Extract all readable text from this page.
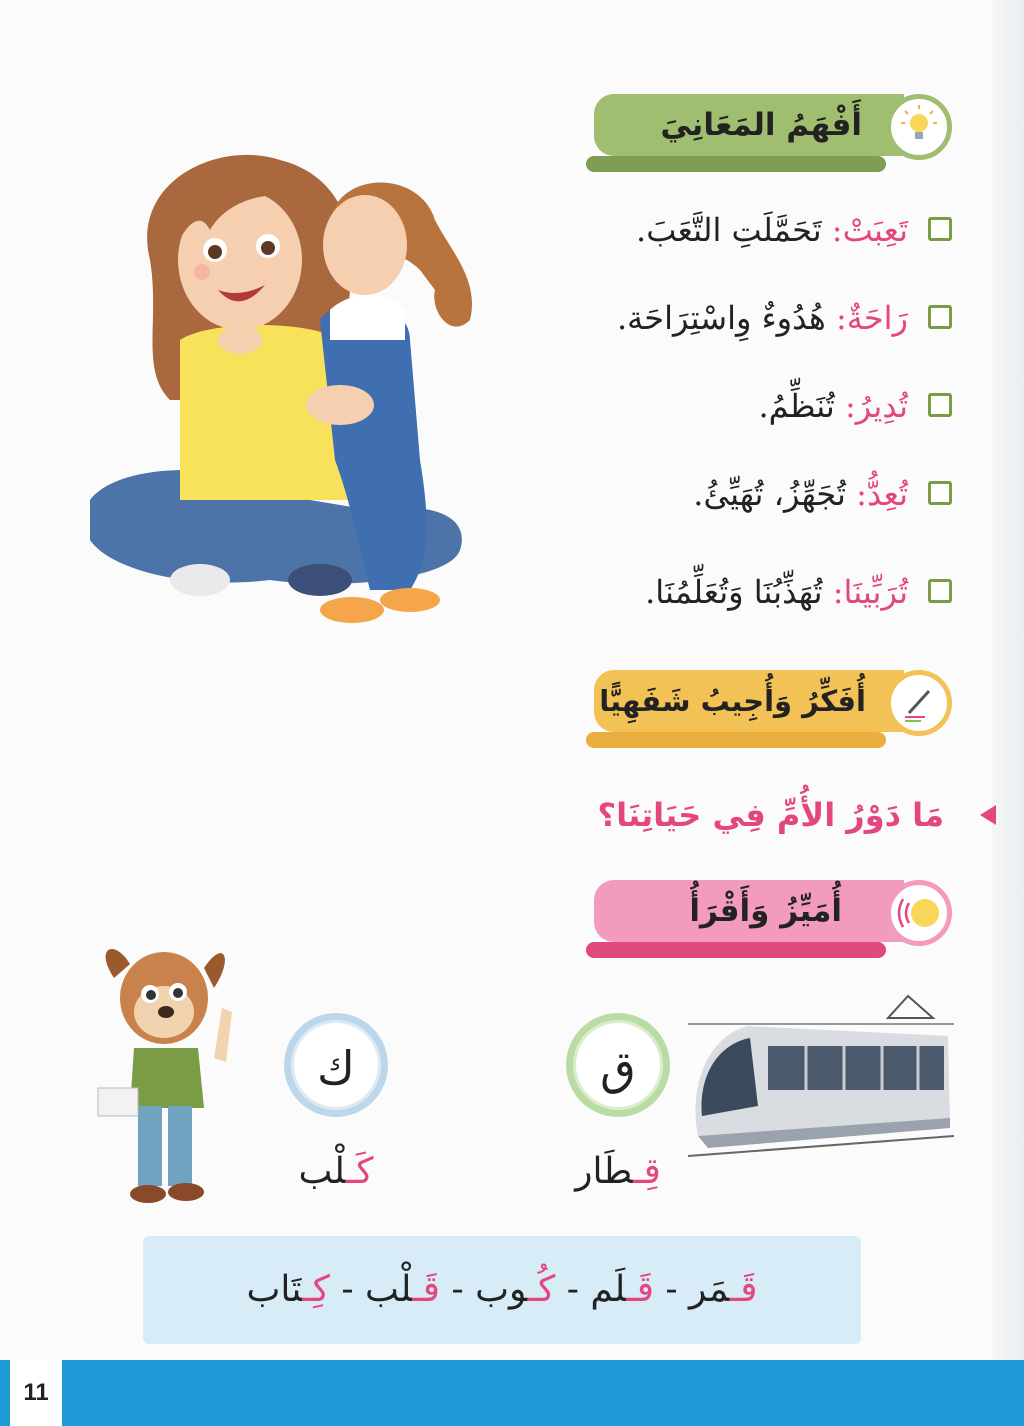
أَفْهَمُ المَعَانِيَ
تَعِبَتْ: تَحَمَّلَتِ التَّعَبَ.
رَاحَةٌ: هُدُوءٌ وِاسْتِرَاحَة.
تُدِيرُ: تُنَظِّمُ.
تُعِدُّ: تُجَهِّزُ، تُهَيِّئُ.
تُرَبِّينَا: تُهَذِّبُنَا وَتُعَلِّمُنَا.
أُفَكِّرُ وَأُجِيبُ شَفَهِيًّا
مَا دَوْرُ الأُمِّ فِي حَيَاتِنَا؟
أُمَيِّزُ وَأَقْرَأُ
ق
قِـطَار
ك
كَـلْب
قَـمَر - قَـلَم - كُـوب - قَـلْب - كِـتَاب
11
